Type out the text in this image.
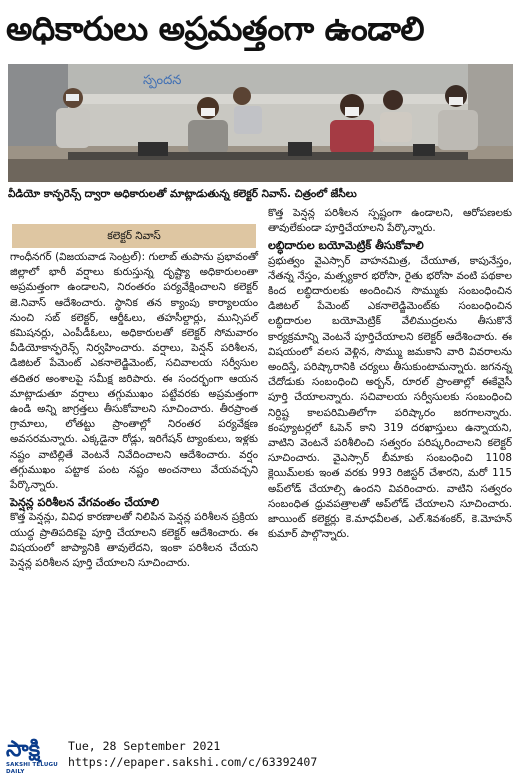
అధికారులు అప్రమత్తంగా ఉండాలి
స్పందన
వీడియో కాన్ఫరెన్స్ ద్వారా అధికారులతో మాట్లాడుతున్న కలెక్టర్ నివాస్. చిత్రంలో జేసీలు
కలెక్టర్ నివాస్

గాంధీనగర్ (విజయవాడ సెంట్రల్): గులాబ్ తుపాను ప్రభావంతో జిల్లాలో భారీ వర్షాలు కురుస్తున్న దృష్ట్యా అధికారులంతా అప్రమత్తంగా ఉండాలని, నిరంతరం పర్యవేక్షించాలని కలెక్టర్ జె.నివాస్ ఆదేశించారు. స్థానిక తన క్యాంపు కార్యాలయం నుంచి సబ్ కలెక్టర్, ఆర్డీఓలు, తహసీల్దార్లు, మున్సిపల్ కమిషనర్లు, ఎంపీడీఓలు, అధికారులతో కలెక్టర్ సోమవారం వీడియోకాన్ఫరెన్స్ నిర్వహించారు. వర్షాలు, పెన్షన్ పరిశీలన, డిజిటల్ పేమెంట్ ఎకనాలెడ్జిమెంట్, సచివాలయ సర్వీసుల తదితర అంశాలపై సమీక్ష జరిపారు. ఈ సందర్భంగా ఆయన మాట్లాడుతూ వర్షాలు తగ్గుముఖం పట్టేవరకు అప్రమత్తంగా ఉండి అన్ని జాగ్రత్తలు తీసుకోవాలని సూచించారు. తీరప్రాంత గ్రామాలు, లోతట్టు ప్రాంతాల్లో నిరంతర పర్యవేక్షణ అవసరమన్నారు. ఎక్కడైనా రోడ్లు, ఇరిగేషన్ ట్యాంకులు, ఇళ్లకు నష్టం వాటిల్లితే వెంటనే నివేదించాలని ఆదేశించారు. వర్షం తగ్గుముఖం పట్టాక పంట నష్టం అంచనాలు వేయవచ్చని పేర్కొన్నారు.

పెన్షన్ల పరిశీలన వేగవంతం చేయాలి

కొత్త పెన్షన్లు, వివిధ కారణాలతో నిలిపిన పెన్షన్ల పరిశీలన ప్రక్రియ యుద్ధ ప్రాతిపదికపై పూర్తి చేయాలని కలెక్టర్ ఆదేశించారు. ఈ విషయంలో జాప్యానికి తావులేదని, ఇంకా పరిశీలన చేయని పెన్షన్ల పరిశీలన పూర్తి చేయాలని సూచించారు.

కొత్త పెన్షన్ల పరిశీలన స్పష్టంగా ఉండాలని, ఆరోపణలకు తావులేకుండా పూర్తిచేయాలని పేర్కొన్నారు.

లబ్ధిదారుల బయోమెట్రిక్ తీసుకోవాలి

ప్రభుత్వం వైఎస్సార్ వాహనమిత్ర, చేయూత, కాపునేస్తం, నేతన్న నేస్తం, మత్స్యకార భరోసా, రైతు భరోసా వంటి పథకాల కింద లబ్ధిదారులకు అందించిన సొమ్ముకు సంబంధించిన డిజిటల్ పేమెంట్ ఎకనాలెడ్జిమెంట్‌కు సంబంధించిన లబ్ధిదారుల బయోమెట్రిక్ వేలిముద్రలను తీసుకొనే కార్యక్రమాన్ని వెంటనే పూర్తిచేయాలని కలెక్టర్ ఆదేశించారు. ఈ విషయంలో వలస వెళ్లిన, సొమ్ము జమకాని వారి వివరాలను అందిస్తే, పరిష్కారానికి చర్యలు తీసుకుంటామన్నారు. జగనన్న చేదోడుకు సంబంధించి అర్బన్, రూరల్ ప్రాంతాల్లో ఈకేవైసీ పూర్తి చేయాలన్నారు. సచివాలయ సర్వీసులకు సంబంధించి నిర్దిష్ట కాలపరిమితిలోగా పరిష్కారం జరగాలన్నారు. కంప్యూటర్లలో ఓపెన్ కాని 319 దరఖాస్తులు ఉన్నాయని, వాటిని వెంటనే పరిశీలించి సత్వరం పరిష్కరించాలని కలెక్టర్ సూచించారు. వైఎస్సార్ బీమాకు సంబంధించి 1108 క్లెయిమ్‌లకు ఇంత వరకు 993 రిజిస్టర్ చేశారని, మరో 115 అప్‌లోడ్ చేయాల్సి ఉందని వివరించారు. వాటిని సత్వరం సంబంధిత ధ్రువపత్రాలతో అప్‌లోడ్ చేయాలని సూచించారు. జాయింట్ కలెక్టర్లు కె.మాధవీలత, ఎల్.శివశంకర్, కె.మోహన్ కుమార్ పాల్గొన్నారు.

సాక్షి
SAKSHI TELUGU DAILY
Tue, 28 September 2021
https://epaper.sakshi.com/c/63392407
